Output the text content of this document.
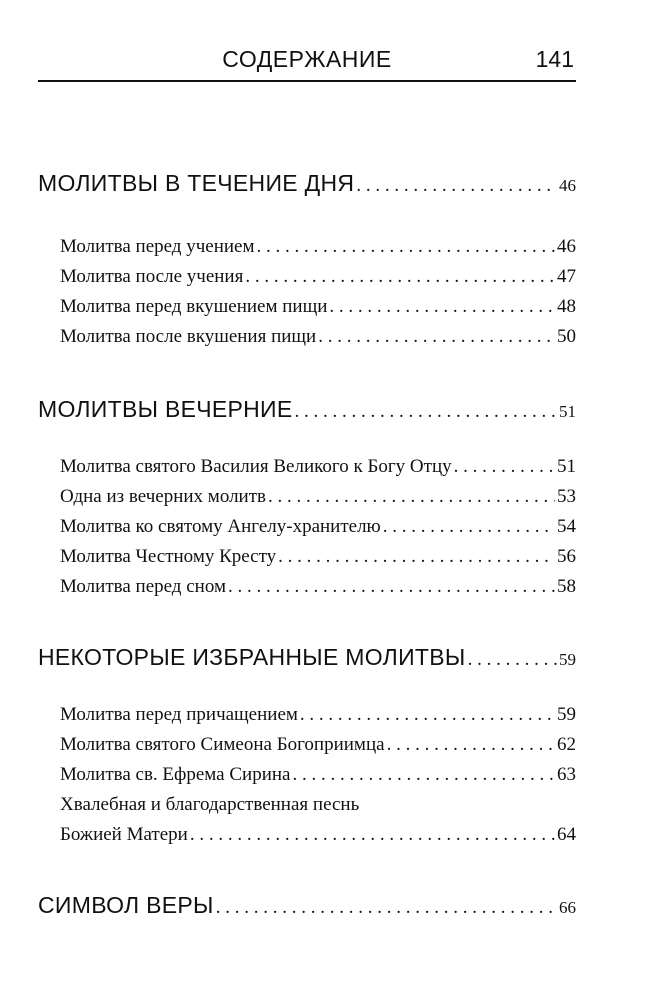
СОДЕРЖАНИЕ	141
МОЛИТВЫ В ТЕЧЕНИЕ ДНЯ . . .	46
Молитва перед учением . . .	46
Молитва после учения . . .	47
Молитва перед вкушением пищи . . .	48
Молитва после вкушения пищи . . .	50
МОЛИТВЫ ВЕЧЕРНИЕ . . .	51
Молитва святого Василия Великого к Богу Отцу . . .	51
Одна из вечерних молитв . . .	53
Молитва ко святому Ангелу-хранителю . . .	54
Молитва Честному Кресту . . .	56
Молитва перед сном . . .	58
НЕКОТОРЫЕ ИЗБРАННЫЕ МОЛИТВЫ . . .	59
Молитва перед причащением . . .	59
Молитва святого Симеона Богоприимца . . .	62
Молитва св. Ефрема Сирина . . .	63
Хвалебная и благодарственная песнь
Божией Матери . . .	64
СИМВОЛ ВЕРЫ . . .	66
